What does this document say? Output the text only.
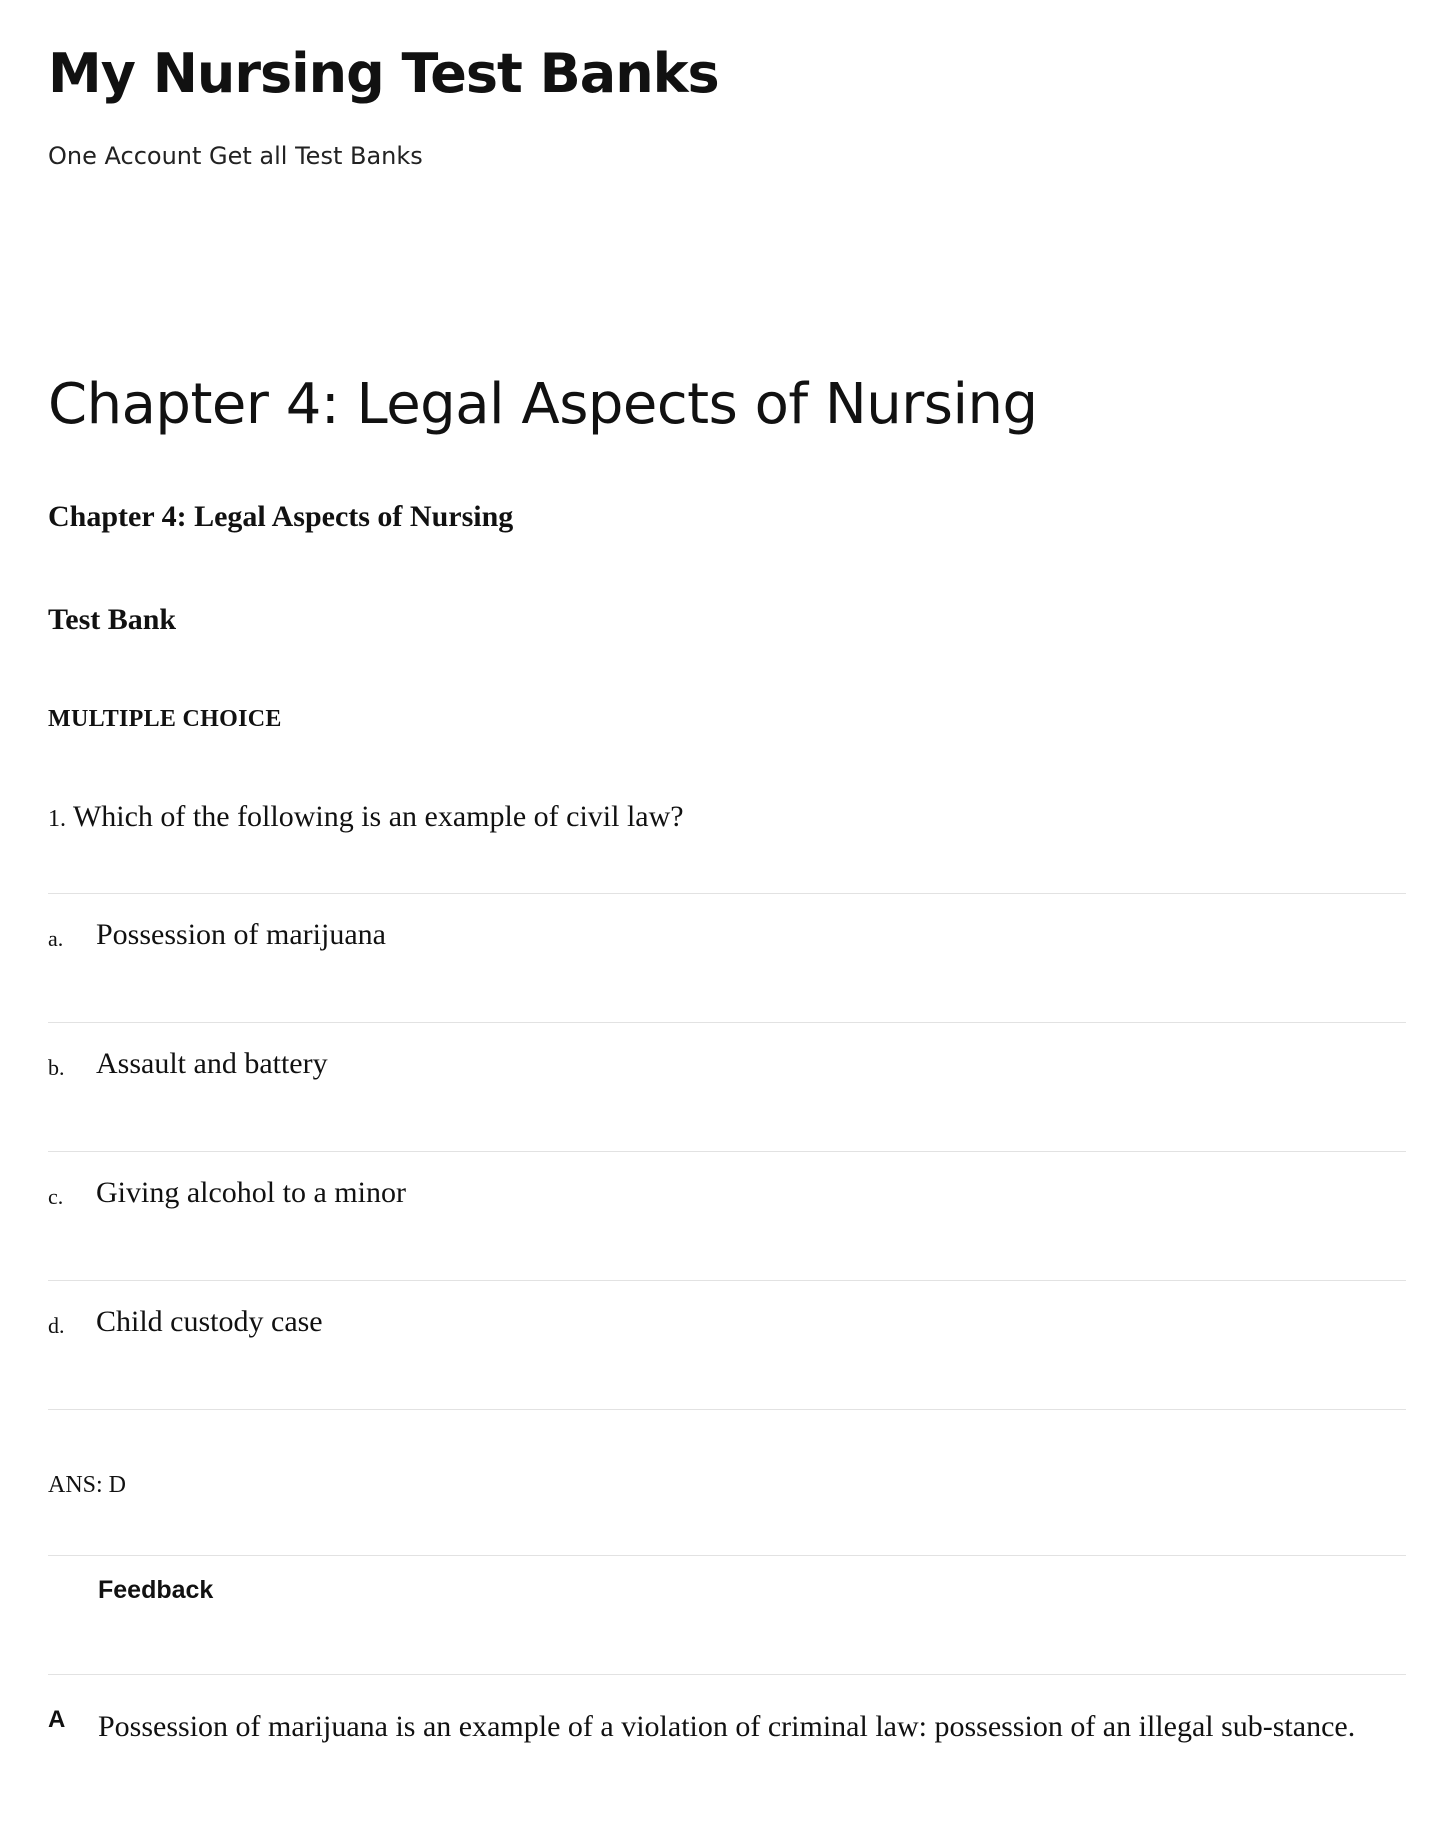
My Nursing Test Banks

One Account Get all Test Banks

Chapter 4: Legal Aspects of Nursing

Chapter 4: Legal Aspects of Nursing

Test Bank

MULTIPLE CHOICE

1. Which of the following is an example of civil law?

a. Possession of marijuana
b. Assault and battery
c. Giving alcohol to a minor
d. Child custody case
ANS: D
Feedback
A Possession of marijuana is an example of a violation of criminal law: possession of an illegal sub-stance.
